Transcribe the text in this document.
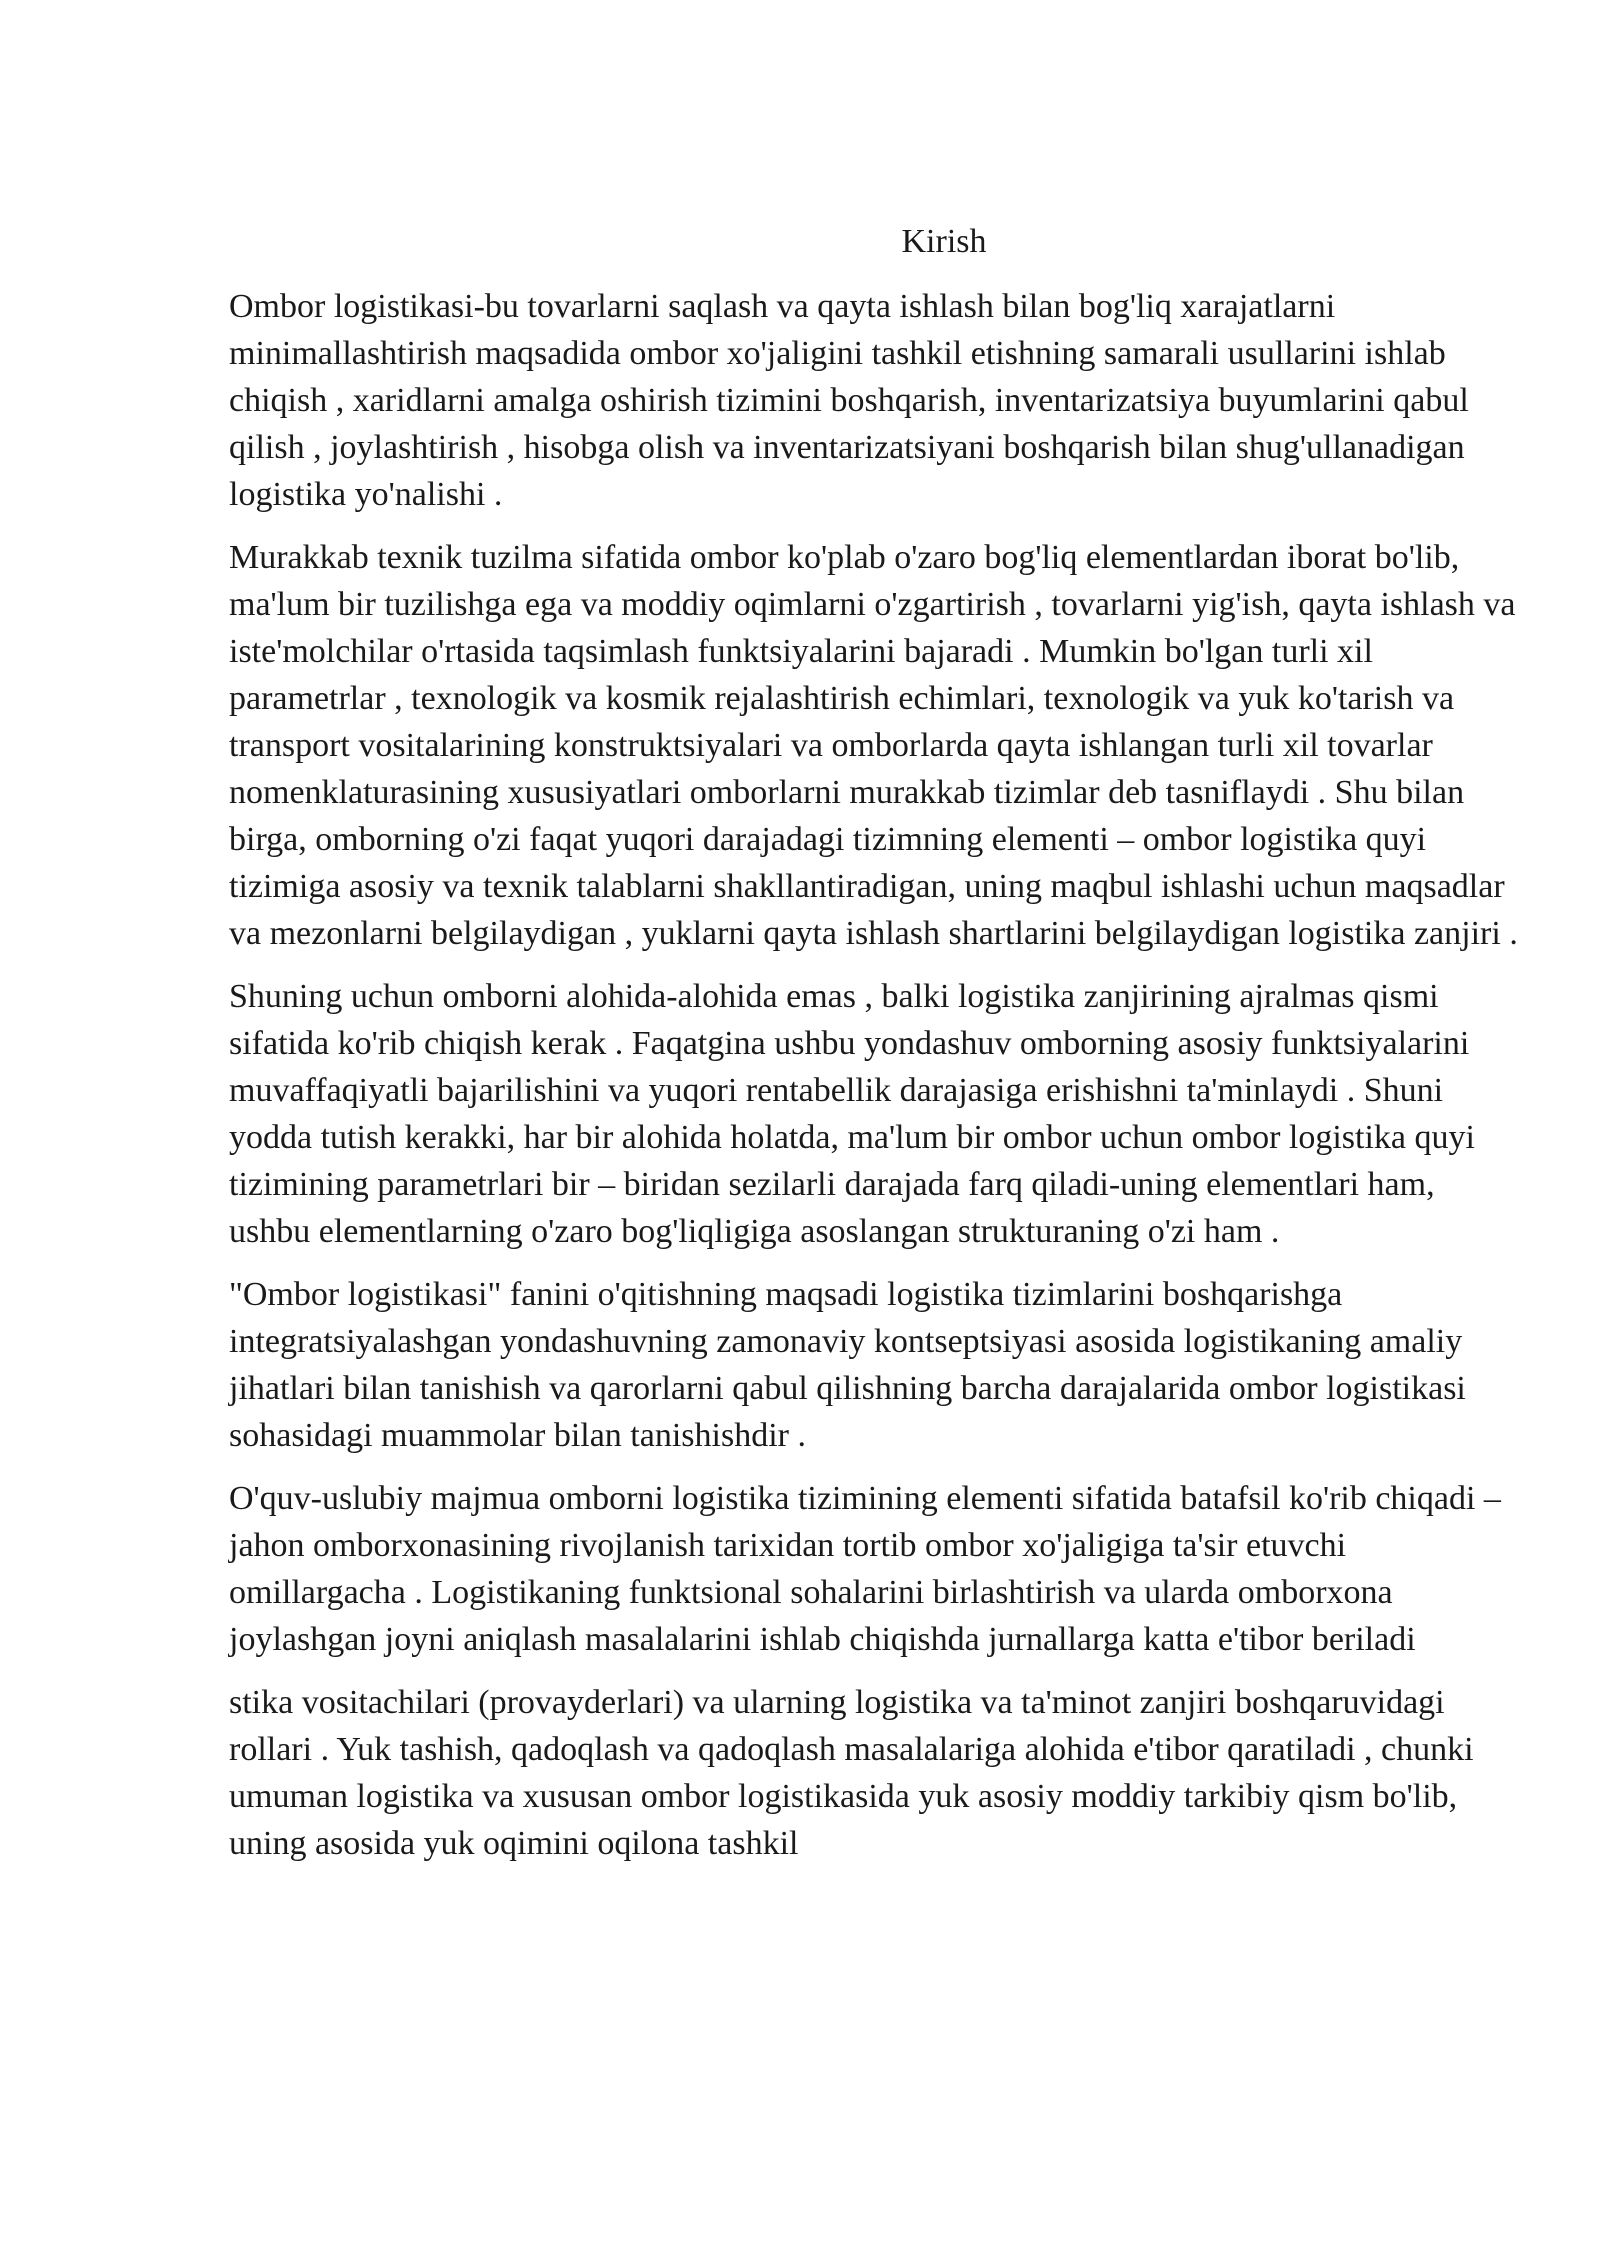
Kirish

Ombor logistikasi-bu tovarlarni saqlash va qayta ishlash bilan bog'liq xarajatlarni minimallashtirish maqsadida ombor xo'jaligini tashkil etishning samarali usullarini ishlab chiqish , xaridlarni amalga oshirish tizimini boshqarish, inventarizatsiya buyumlarini qabul qilish , joylashtirish , hisobga olish va inventarizatsiyani boshqarish bilan shug'ullanadigan logistika yo'nalishi .

Murakkab texnik tuzilma sifatida ombor ko'plab o'zaro bog'liq elementlardan iborat bo'lib, ma'lum bir tuzilishga ega va moddiy oqimlarni o'zgartirish , tovarlarni yig'ish, qayta ishlash va iste'molchilar o'rtasida taqsimlash funktsiyalarini bajaradi . Mumkin bo'lgan turli xil parametrlar , texnologik va kosmik rejalashtirish echimlari, texnologik va yuk ko'tarish va transport vositalarining konstruktsiyalari va omborlarda qayta ishlangan turli xil tovarlar nomenklaturasining xususiyatlari omborlarni murakkab tizimlar deb tasniflaydi . Shu bilan birga, omborning o'zi faqat yuqori darajadagi tizimning elementi – ombor logistika quyi tizimiga asosiy va texnik talablarni shakllantiradigan, uning maqbul ishlashi uchun maqsadlar va mezonlarni belgilaydigan , yuklarni qayta ishlash shartlarini belgilaydigan logistika zanjiri .

Shuning uchun omborni alohida-alohida emas , balki logistika zanjirining ajralmas qismi sifatida ko'rib chiqish kerak . Faqatgina ushbu yondashuv omborning asosiy funktsiyalarini muvaffaqiyatli bajarilishini va yuqori rentabellik darajasiga erishishni ta'minlaydi . Shuni yodda tutish kerakki, har bir alohida holatda, ma'lum bir ombor uchun ombor logistika quyi tizimining parametrlari bir – biridan sezilarli darajada farq qiladi-uning elementlari ham, ushbu elementlarning o'zaro bog'liqligiga asoslangan strukturaning o'zi ham .

"Ombor logistikasi" fanini o'qitishning maqsadi logistika tizimlarini boshqarishga integratsiyalashgan yondashuvning zamonaviy kontseptsiyasi asosida logistikaning amaliy jihatlari bilan tanishish va qarorlarni qabul qilishning barcha darajalarida ombor logistikasi sohasidagi muammolar bilan tanishishdir .

O'quv-uslubiy majmua omborni logistika tizimining elementi sifatida batafsil ko'rib chiqadi – jahon omborxonasining rivojlanish tarixidan tortib ombor xo'jaligiga ta'sir etuvchi omillargacha . Logistikaning funktsional sohalarini birlashtirish va ularda omborxona joylashgan joyni aniqlash masalalarini ishlab chiqishda jurnallarga katta e'tibor beriladi

stika vositachilari (provayderlari) va ularning logistika va ta'minot zanjiri boshqaruvidagi rollari . Yuk tashish, qadoqlash va qadoqlash masalalariga alohida e'tibor qaratiladi , chunki umuman logistika va xususan ombor logistikasida yuk asosiy moddiy tarkibiy qism bo'lib, uning asosida yuk oqimini oqilona tashkil
